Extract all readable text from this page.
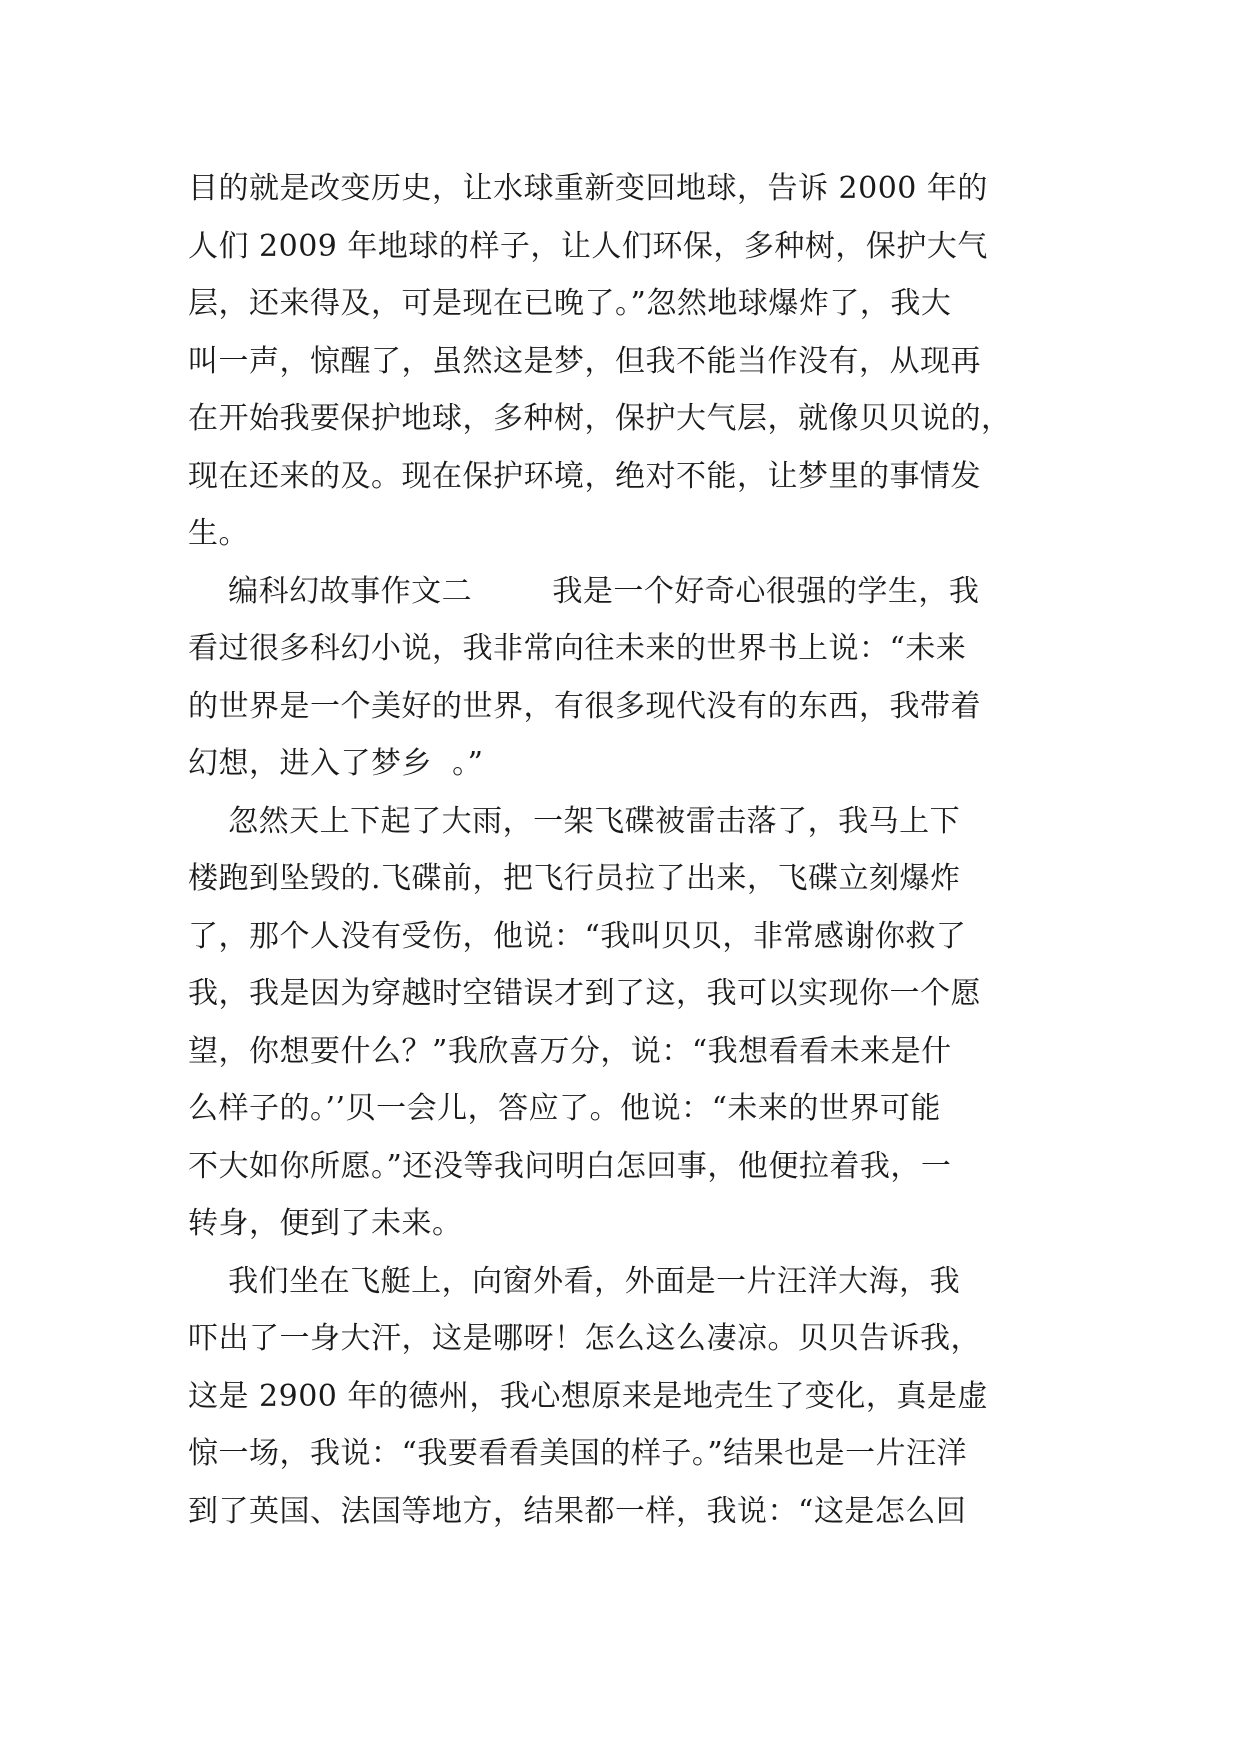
目的就是改变历史，让水球重新变回地球，告诉 2000 年的
人们 2009 年地球的样子，让人们环保，多种树，保护大气
层，还来得及，可是现在已晚了。”忽然地球爆炸了，我大
叫一声，惊醒了，虽然这是梦，但我不能当作没有，从现再
在开始我要保护地球，多种树，保护大气层，就像贝贝说的，
现在还来的及。现在保护环境，绝对不能，让梦里的事情发
生。
编科幻故事作文二        我是一个好奇心很强的学生，我
看过很多科幻小说，我非常向往未来的世界书上说：“未来
的世界是一个美好的世界，有很多现代没有的东西，我带着
幻想，进入了梦乡  。”
忽然天上下起了大雨，一架飞碟被雷击落了，我马上下
楼跑到坠毁的.飞碟前，把飞行员拉了出来，飞碟立刻爆炸
了，那个人没有受伤，他说：“我叫贝贝，非常感谢你救了
我，我是因为穿越时空错误才到了这，我可以实现你一个愿
望，你想要什么？”我欣喜万分，说：“我想看看未来是什
么样子的。’’贝一会儿，答应了。他说：“未来的世界可能
不大如你所愿。”还没等我问明白怎回事，他便拉着我，一
转身，便到了未来。
我们坐在飞艇上，向窗外看，外面是一片汪洋大海，我
吓出了一身大汗，这是哪呀！怎么这么凄凉。贝贝告诉我，
这是 2900 年的德州，我心想原来是地壳生了变化，真是虚
惊一场，我说：“我要看看美国的样子。”结果也是一片汪洋
到了英国、法国等地方，结果都一样，我说：“这是怎么回
